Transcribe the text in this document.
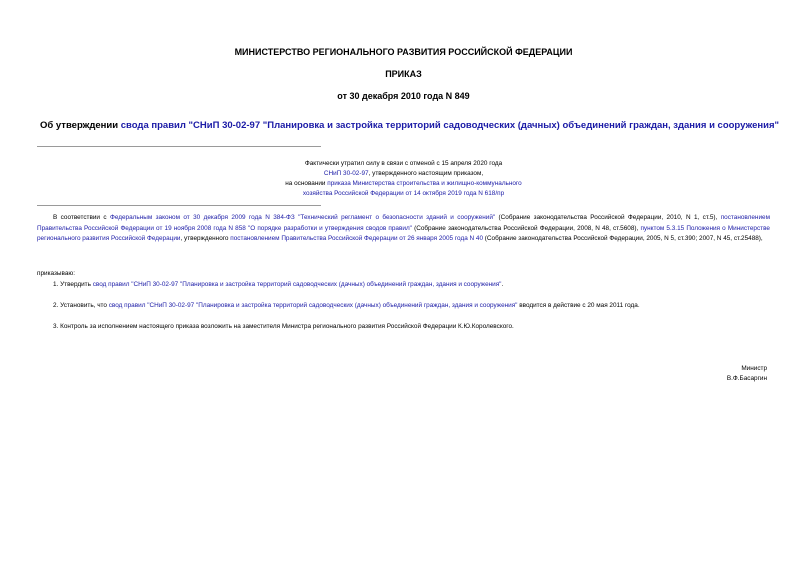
МИНИСТЕРСТВО РЕГИОНАЛЬНОГО РАЗВИТИЯ РОССИЙСКОЙ ФЕДЕРАЦИИ
ПРИКАЗ
от 30 декабря 2010 года N 849
Об утверждении свода правил "СНиП 30-02-97 "Планировка и застройка территорий садоводческих (дачных) объединений граждан, здания и сооружения"
Фактически утратил силу в связи с отменой с 15 апреля 2020 года
СНиП 30-02-97, утвержденного настоящим приказом,
на основании приказа Министерства строительства и жилищно-коммунального
хозяйства Российской Федерации от 14 октября 2019 года N 618/пр

В соответствии с Федеральным законом от 30 декабря 2009 года N 384-ФЗ "Технический регламент о безопасности зданий и сооружений" (Собрание законодательства Российской Федерации, 2010, N 1, ст.5), постановлением Правительства Российской Федерации от 19 ноября 2008 года N 858 "О порядке разработки и утверждения сводов правил" (Собрание законодательства Российской Федерации, 2008, N 48, ст.5608), пунктом 5.3.15 Положения о Министерстве регионального развития Российской Федерации, утвержденного постановлением Правительства Российской Федерации от 26 января 2005 года N 40 (Собрание законодательства Российской Федерации, 2005, N 5, ст.390; 2007, N 45, ст.25488),

приказываю:
1. Утвердить свод правил "СНиП 30-02-97 "Планировка и застройка территорий садоводческих (дачных) объединений граждан, здания и сооружения".
2. Установить, что свод правил "СНиП 30-02-97 "Планировка и застройка территорий садоводческих (дачных) объединений граждан, здания и сооружения" вводится в действие с 20 мая 2011 года.
3. Контроль за исполнением настоящего приказа возложить на заместителя Министра регионального развития Российской Федерации К.Ю.Королевского.
Министр
В.Ф.Басаргин
